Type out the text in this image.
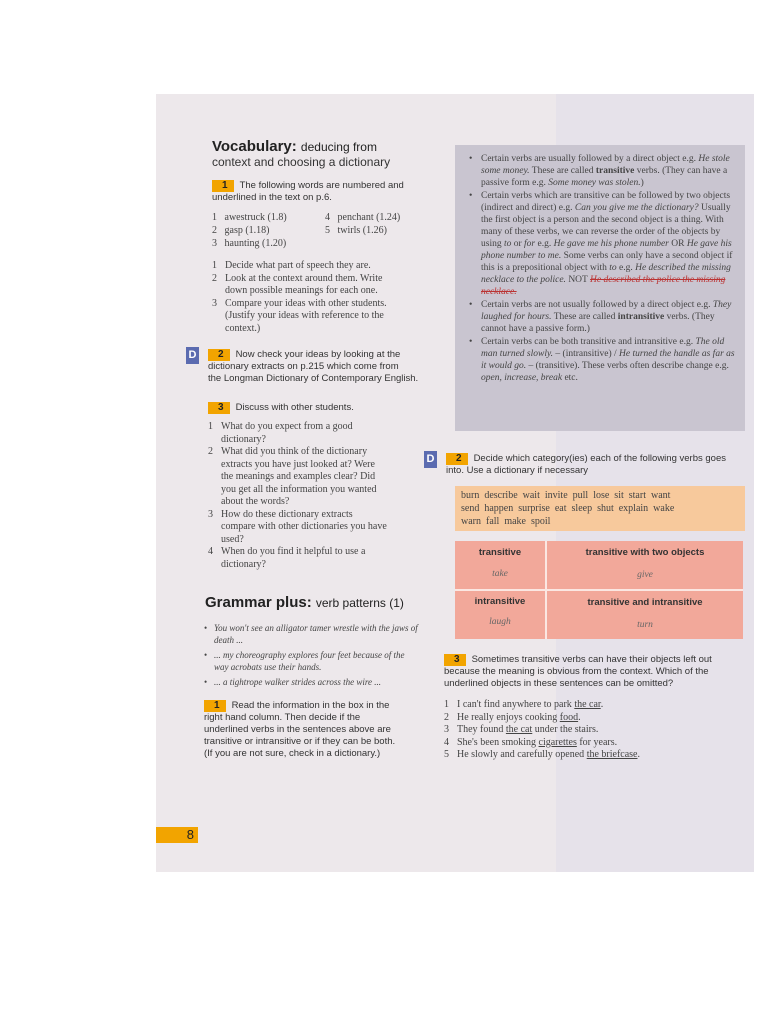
8
Vocabulary: deducing from
context and choosing a dictionary
1 The following words are numbered and
underlined in the text on p.6.
1 awestruck (1.8)
2 gasp (1.18)
3 haunting (1.20)
4 penchant (1.24)
5 twirls (1.26)
1 Decide what part of speech they are.
2 Look at the context around them. Write
down possible meanings for each one.
3 Compare your ideas with other students.
(Justify your ideas with reference to the
context.)
D	2 Now check your ideas by looking at the
dictionary extracts on p.215 which come from
the Longman Dictionary of Contemporary English.
3 Discuss with other students.
1 What do you expect from a good
dictionary?
2 What did you think of the dictionary
extracts you have just looked at? Were
the meanings and examples clear? Did
you get all the information you wanted
about the words?
3 How do these dictionary extracts
compare with other dictionaries you have
used?
4 When do you find it helpful to use a
dictionary?
Grammar plus: verb patterns (1)
• You won't see an alligator tamer wrestle with the jaws of death ...
• ... my choreography explores four feet because of the way acrobats use their hands.
• ... a tightrope walker strides across the wire ...
1 Read the information in the box in the
right hand column. Then decide if the
underlined verbs in the sentences above are
transitive or intransitive or if they can be both.
(If you are not sure, check in a dictionary.)
• Certain verbs are usually followed by a direct object e.g. He stole some money. These are called transitive verbs. (They can have a passive form e.g. Some money was stolen.)
• Certain verbs which are transitive can be followed by two objects (indirect and direct) e.g. Can you give me the dictionary? Usually the first object is a person and the second object is a thing. With many of these verbs, we can reverse the order of the objects by using to or for e.g. He gave me his phone number OR He gave his phone number to me. Some verbs can only have a second object if this is a prepositional object with to e.g. He described the missing necklace to the police. NOT He described the police the missing necklace.
• Certain verbs are not usually followed by a direct object e.g. They laughed for hours. These are called intransitive verbs. (They cannot have a passive form.)
• Certain verbs can be both transitive and intransitive e.g. The old man turned slowly. – (intransitive) / He turned the handle as far as it would go. – (transitive). These verbs often describe change e.g. open, increase, break etc.
D	2 Decide which category(ies) each of the following verbs goes
into. Use a dictionary if necessary
burn  describe  wait  invite  pull  lose  sit  start  want
send  happen  surprise  eat  sleep  shut  explain  wake
warn  fall  make  spoil
transitive	transitive with two objects
take	give
intransitive	transitive and intransitive
laugh	turn
3 Sometimes transitive verbs can have their objects left out
because the meaning is obvious from the context. Which of the
underlined objects in these sentences can be omitted?
1 I can't find anywhere to park the car.
2 He really enjoys cooking food.
3 They found the cat under the stairs.
4 She's been smoking cigarettes for years.
5 He slowly and carefully opened the briefcase.
